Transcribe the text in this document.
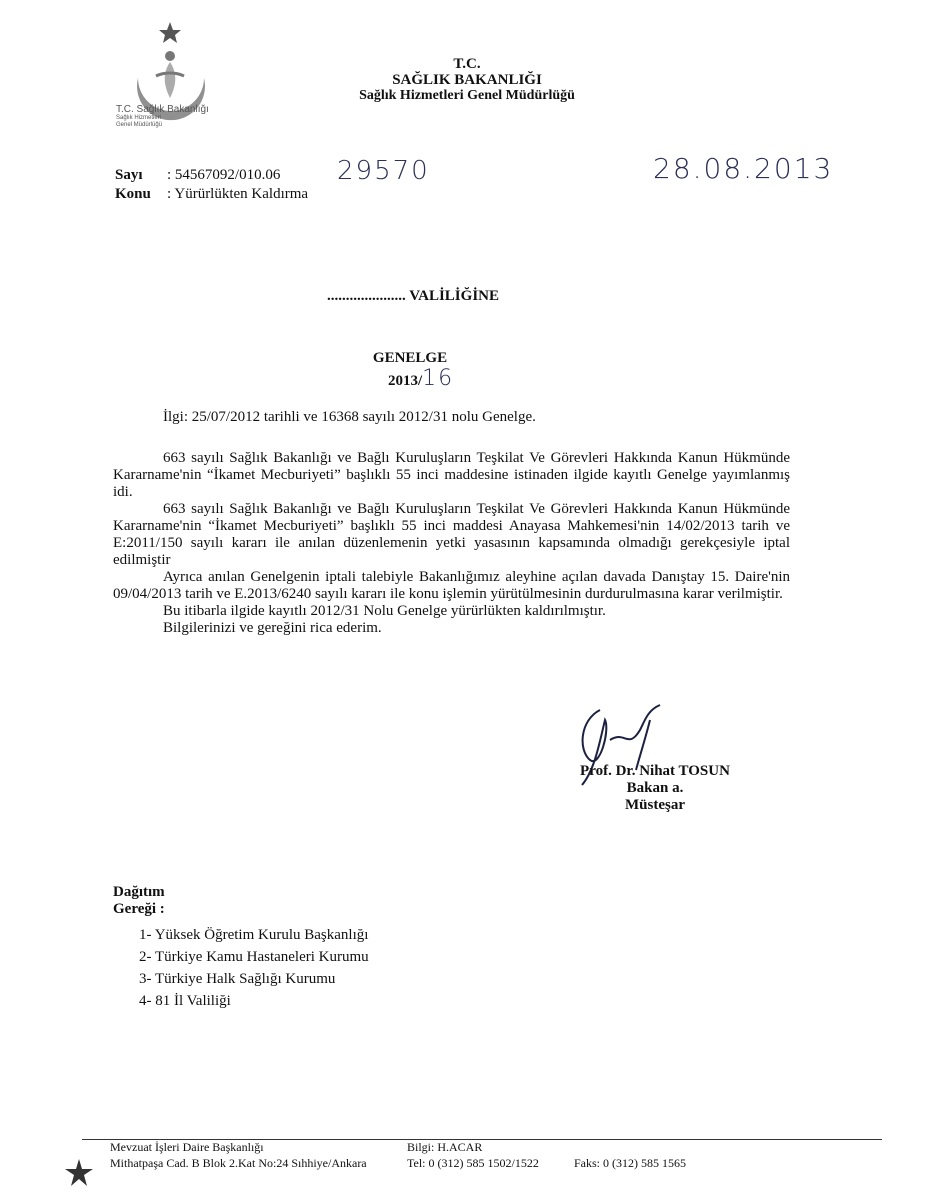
T.C. Sağlık Bakanlığı
Sağlık Hizmetleri
Genel Müdürlüğü
T.C.
SAĞLIK BAKANLIĞI
Sağlık Hizmetleri Genel Müdürlüğü
Sayı : 54567092/010.06 29570	28.08.2013
Konu : Yürürlükten Kaldırma
..................... VALİLİĞİNE
GENELGE
2013/16
İlgi: 25/07/2012 tarihli ve 16368 sayılı 2012/31 nolu Genelge.

663 sayılı Sağlık Bakanlığı ve Bağlı Kuruluşların Teşkilat Ve Görevleri Hakkında Kanun Hükmünde Kararname'nin “İkamet Mecburiyeti” başlıklı 55 inci maddesine istinaden ilgide kayıtlı Genelge yayımlanmış idi.

663 sayılı Sağlık Bakanlığı ve Bağlı Kuruluşların Teşkilat Ve Görevleri Hakkında Kanun Hükmünde Kararname'nin “İkamet Mecburiyeti” başlıklı 55 inci maddesi Anayasa Mahkemesi'nin 14/02/2013 tarih ve E:2011/150 sayılı kararı ile anılan düzenlemenin yetki yasasının kapsamında olmadığı gerekçesiyle iptal edilmiştir

Ayrıca anılan Genelgenin iptali talebiyle Bakanlığımız aleyhine açılan davada Danıştay 15. Daire'nin 09/04/2013 tarih ve E.2013/6240 sayılı kararı ile konu işlemin yürütülmesinin durdurulmasına karar verilmiştir.

Bu itibarla ilgide kayıtlı 2012/31 Nolu Genelge yürürlükten kaldırılmıştır.

Bilgilerinizi ve gereğini rica ederim.

Prof. Dr. Nihat TOSUN
Bakan a.
Müsteşar
Dağıtım
Gereği :
1- Yüksek Öğretim Kurulu Başkanlığı
2- Türkiye Kamu Hastaneleri Kurumu
3- Türkiye Halk Sağlığı Kurumu
4- 81 İl Valiliği
Mevzuat İşleri Daire Başkanlığı	Bilgi: H.ACAR
Mithatpaşa Cad. B Blok 2.Kat No:24 Sıhhiye/Ankara	Tel: 0 (312) 585 1502/1522	Faks: 0 (312) 585 1565
